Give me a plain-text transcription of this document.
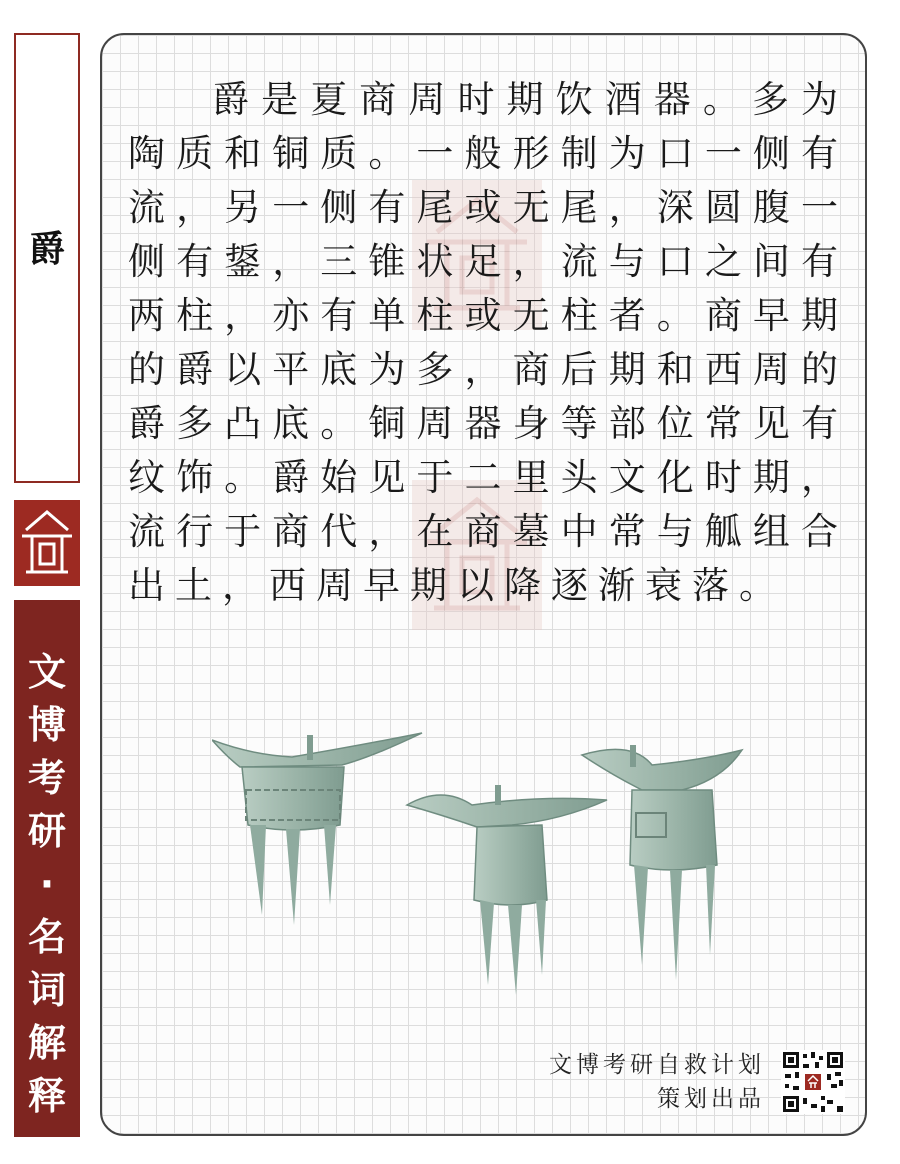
爵
文
博
考
研
·
名
词
解
释
爵是夏商周时期饮酒器。多为陶质和铜质。一般形制为口一侧有流，另一侧有尾或无尾，深圆腹一侧有鋬，三锥状足，流与口之间有两柱，亦有单柱或无柱者。商早期的爵以平底为多，商后期和西周的爵多凸底。铜周器身等部位常见有纹饰。爵始见于二里头文化时期，流行于商代，在商墓中常与觚组合出土，西周早期以降逐渐衰落。
文博考研自救计划
策划出品
